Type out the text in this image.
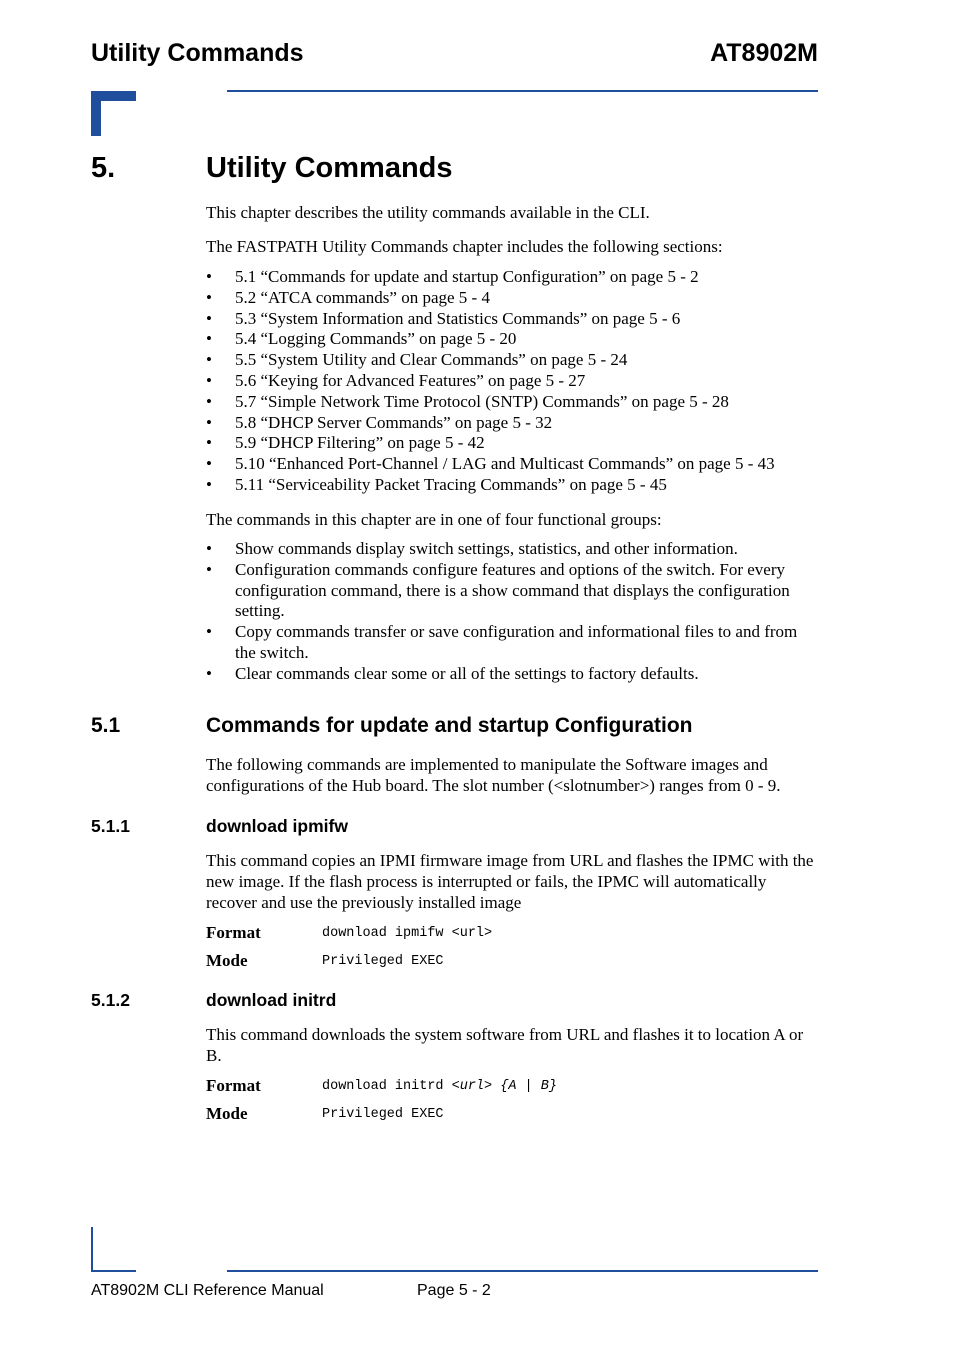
Utility Commands	AT8902M
5.	Utility Commands
This chapter describes the utility commands available in the CLI.
The FASTPATH Utility Commands chapter includes the following sections:
• 5.1 “Commands for update and startup Configuration” on page 5 - 2
• 5.2 “ATCA commands” on page 5 - 4
• 5.3 “System Information and Statistics Commands” on page 5 - 6
• 5.4 “Logging Commands” on page 5 - 20
• 5.5 “System Utility and Clear Commands” on page 5 - 24
• 5.6 “Keying for Advanced Features” on page 5 - 27
• 5.7 “Simple Network Time Protocol (SNTP) Commands” on page 5 - 28
• 5.8 “DHCP Server Commands” on page 5 - 32
• 5.9 “DHCP Filtering” on page 5 - 42
• 5.10 “Enhanced Port-Channel / LAG and Multicast Commands” on page 5 - 43
• 5.11 “Serviceability Packet Tracing Commands” on page 5 - 45
The commands in this chapter are in one of four functional groups:
• Show commands display switch settings, statistics, and other information.
• Configuration commands configure features and options of the switch. For every configuration command, there is a show command that displays the configuration setting.
• Copy commands transfer or save configuration and informational files to and from the switch.
• Clear commands clear some or all of the settings to factory defaults.
5.1	Commands for update and startup Configuration
The following commands are implemented to manipulate the Software images and configurations of the Hub board. The slot number (<slotnumber>) ranges from 0 - 9.
5.1.1	download ipmifw
This command copies an IPMI firmware image from URL and flashes the IPMC with the new image. If the flash process is interrupted or fails, the IPMC will automatically recover and use the previously installed image
Format	download ipmifw <url>
Mode	Privileged EXEC
5.1.2	download initrd
This command downloads the system software from URL and flashes it to location A or B.
Format	download initrd <url> {A | B}
Mode	Privileged EXEC
AT8902M CLI Reference Manual	Page 5 - 2
